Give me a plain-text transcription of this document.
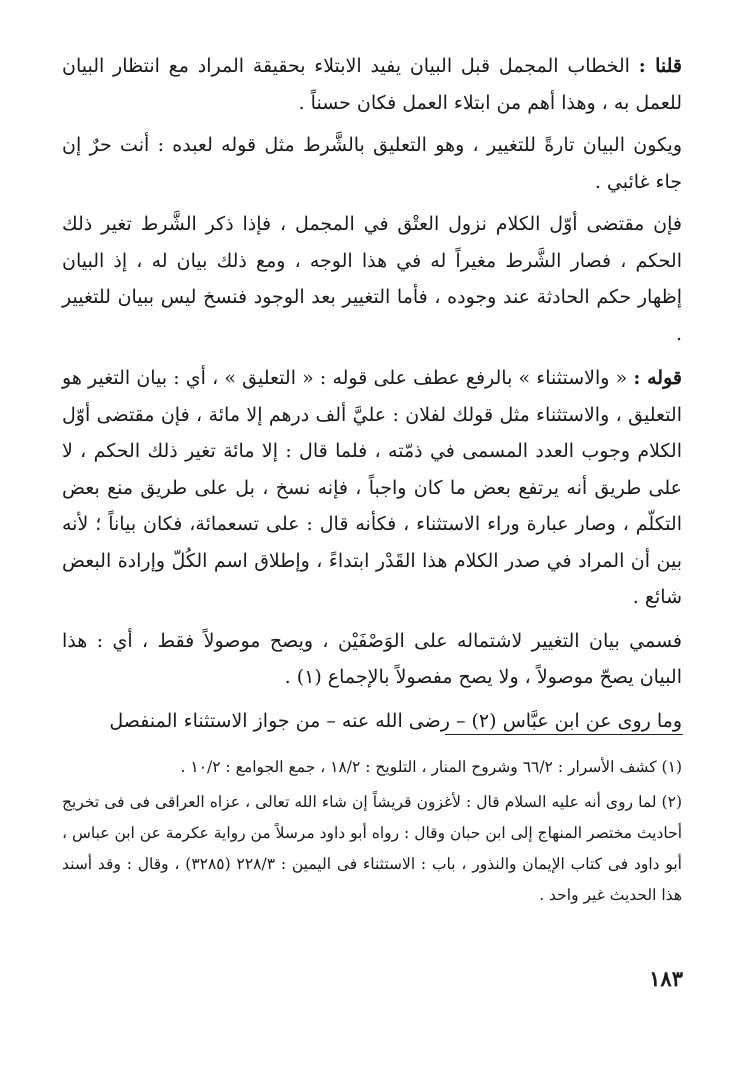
قلنا : الخطاب المجمل قبل البيان يفيد الابتلاء بحقيقة المراد مع انتظار البيان للعمل به ، وهذا أهم من ابتلاء العمل فكان حسناً .

ويكون البيان تارةً للتغيير ، وهو التعليق بالشَّرط مثل قوله لعبده : أنت حرٌ إن جاء غائبي .

فإن مقتضى أوّل الكلام نزول العتْق في المجمل ، فإذا ذكر الشَّرط تغير ذلك الحكم ، فصار الشَّرط مغيراً له في هذا الوجه ، ومع ذلك بيان له ، إذ البيان إظهار حكم الحادثة عند وجوده ، فأما التغيير بعد الوجود فنسخ ليس ببيان للتغيير .

قوله : « والاستثناء » بالرفع عطف على قوله : « التعليق » ، أي : بيان التغير هو التعليق ، والاستثناء مثل قولك لفلان : عليَّ ألف درهم إلا مائة ، فإن مقتضى أوّل الكلام وجوب العدد المسمى في ذمّته ، فلما قال : إلا مائة تغير ذلك الحكم ، لا على طريق أنه يرتفع بعض ما كان واجباً ، فإنه نسخ ، بل على طريق منع بعض التكلّم ، وصار عبارة وراء الاستثناء ، فكأنه قال : على تسعمائة، فكان بياناً ؛ لأنه بين أن المراد في صدر الكلام هذا القَدْر ابتداءً ، وإطلاق اسم الكُلّ وإرادة البعض شائع .

فسمي بيان التغيير لاشتماله على الوَصْفَيْن ، ويصح موصولاً فقط ، أي : هذا البيان يصحّ موصولاً ، ولا يصح مفصولاً بالإجماع (١) .

وما روى عن ابن عبَّاس (٢) – رضى الله عنه – من جواز الاستثناء المنفصل

(١) كشف الأسرار : ٦٦/٢ وشروح المنار ، التلويح : ١٨/٢ ، جمع الجوامع : ١٠/٢ .

(٢) لما روى أنه عليه السلام قال : لأغزون قريشاً إن شاء الله تعالى ، عزاه العراقى فى فى تخريج أحاديث مختصر المنهاج إلى ابن حبان وقال : رواه أبو داود مرسلاً من رواية عكرمة عن ابن عباس ، أبو داود فى كتاب الإيمان والنذور ، باب : الاستثناء فى اليمين : ٢٢٨/٣ (٣٢٨٥) ، وقال : وقد أسند هذا الحديث غير واحد .

١٨٣
